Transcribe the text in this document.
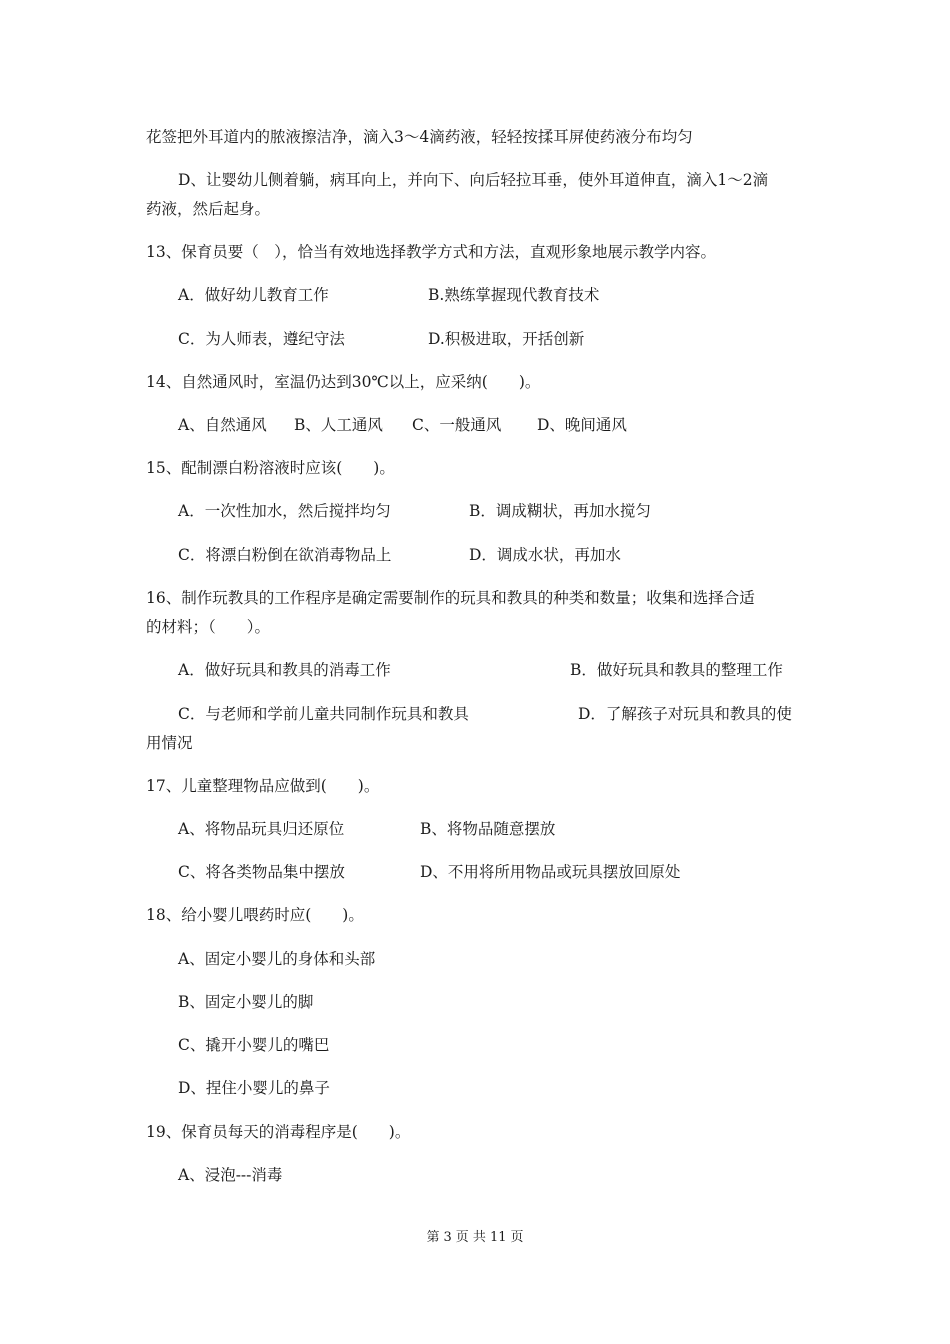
花签把外耳道内的脓液擦洁净，滴入3～4滴药液，轻轻按揉耳屏使药液分布均匀
D、让婴幼儿侧着躺，病耳向上，并向下、向后轻拉耳垂，使外耳道伸直，滴入1～2滴
药液，然后起身。
13、保育员要（　），恰当有效地选择教学方式和方法，直观形象地展示教学内容。
A．做好幼儿教育工作	B.熟练掌握现代教育技术
C．为人师表，遵纪守法	D.积极进取，开括创新
14、自然通风时，室温仍达到30℃以上，应采纳(　　)。
A、自然通风 B、人工通风 C、一般通风 D、晚间通风
15、配制漂白粉溶液时应该(　　)。
A．一次性加水，然后搅拌均匀	B．调成糊状，再加水搅匀
C．将漂白粉倒在欲消毒物品上	D．调成水状，再加水
16、制作玩教具的工作程序是确定需要制作的玩具和教具的种类和数量；收集和选择合适
的材料；（　　）。
A．做好玩具和教具的消毒工作	B．做好玩具和教具的整理工作
C．与老师和学前儿童共同制作玩具和教具	D．了解孩子对玩具和教具的使
用情况
17、儿童整理物品应做到(　　)。
A、将物品玩具归还原位	B、将物品随意摆放
C、将各类物品集中摆放	D、不用将所用物品或玩具摆放回原处
18、给小婴儿喂药时应(　　)。
A、固定小婴儿的身体和头部
B、固定小婴儿的脚
C、撬开小婴儿的嘴巴
D、捏住小婴儿的鼻子
19、保育员每天的消毒程序是(　　)。
A、浸泡---消毒
第 3 页 共 11 页
